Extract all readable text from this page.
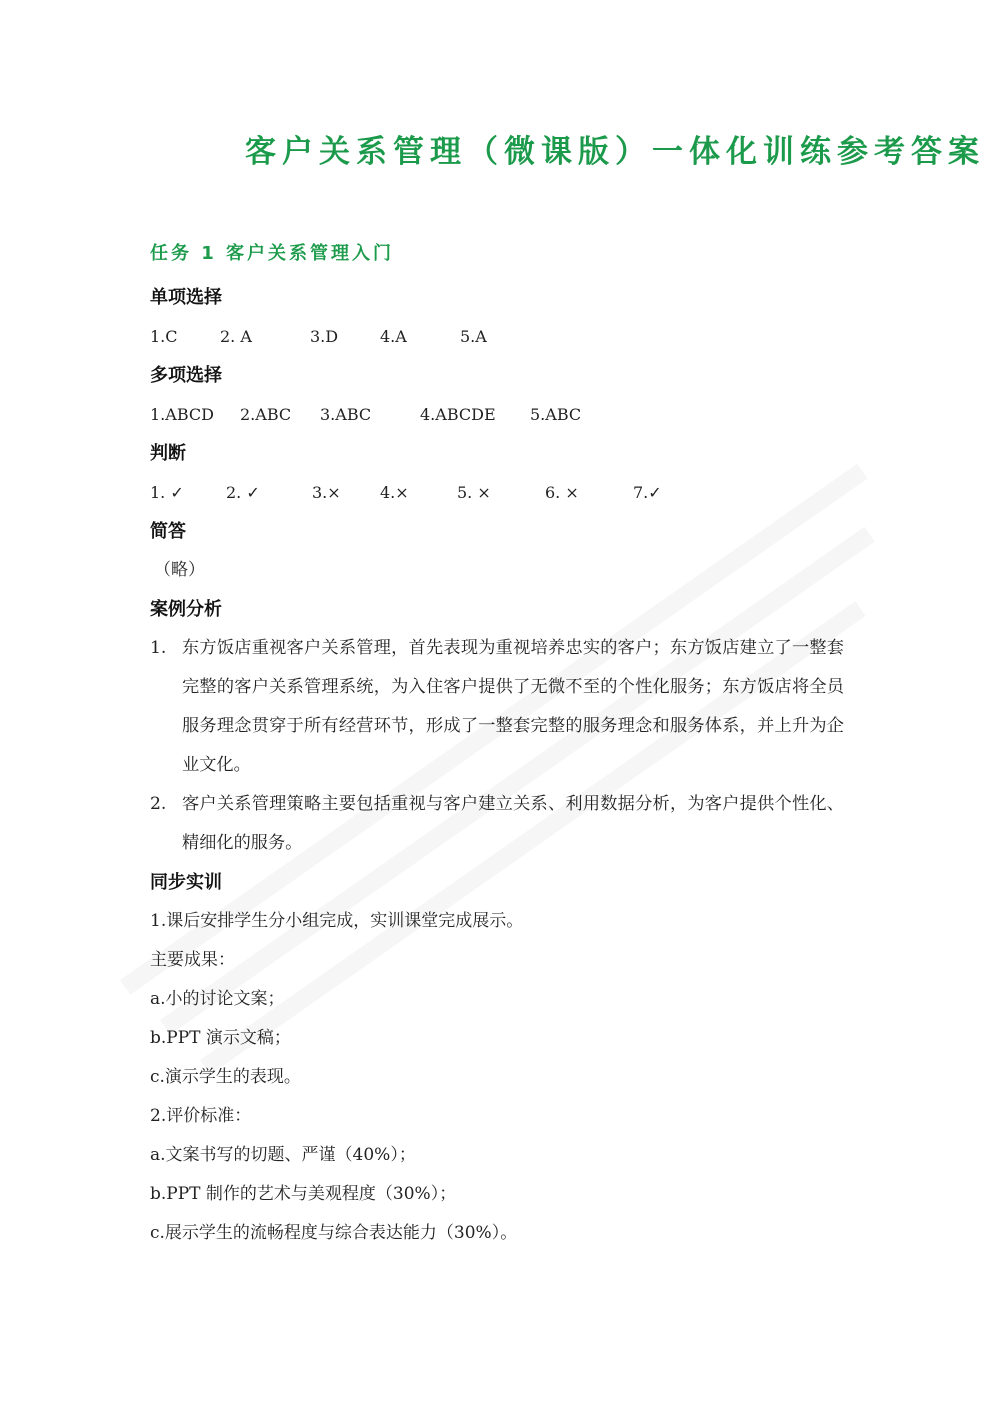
客户关系管理（微课版）一体化训练参考答案
任务 1 客户关系管理入门
单项选择
1.C	2. A	3.D	4.A	5.A
多项选择
1.ABCD 2.ABC 3.ABC	4.ABCDE 5.ABC
判断
1. ✓	2. ✓	3.× 4.×	5. ×	6. ×	7.✓
简答
（略）
案例分析
1. 东方饭店重视客户关系管理，首先表现为重视培养忠实的客户；东方饭店建立了一整套完整的客户关系管理系统，为入住客户提供了无微不至的个性化服务；东方饭店将全员服务理念贯穿于所有经营环节，形成了一整套完整的服务理念和服务体系，并上升为企业文化。
2. 客户关系管理策略主要包括重视与客户建立关系、利用数据分析，为客户提供个性化、精细化的服务。
同步实训
1.课后安排学生分小组完成，实训课堂完成展示。
主要成果：
a.小的讨论文案；
b.PPT 演示文稿；
c.演示学生的表现。
2.评价标准：
a.文案书写的切题、严谨（40%）；
b.PPT 制作的艺术与美观程度（30%）；
c.展示学生的流畅程度与综合表达能力（30%）。
